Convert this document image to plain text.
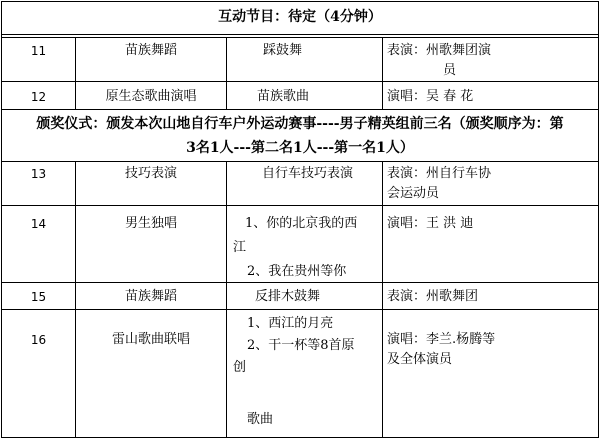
互动节目：待定（4分钟）			

11	苗族舞蹈	踩鼓舞	表演：州歌舞团演
员

12	原生态歌曲演唱	苗族歌曲	演唱：吴 春 花

颁奖仪式：颁发本次山地自行车户外运动赛事----男子精英组前三名（颁奖顺序为：第
3名1人---第二名1人---第一名1人）			

13	技巧表演	自行车技巧表演	表演：州自行车协
会运动员

14	男生独唱	1、你的北京我的西
江
2、我在贵州等你	演唱：王 洪 迪

15	苗族舞蹈	反排木鼓舞	表演：州歌舞团

16	雷山歌曲联唱	1、西江的月亮
2、干一杯等8首原
创
歌曲	演唱：李兰.杨腾等
及全体演员
